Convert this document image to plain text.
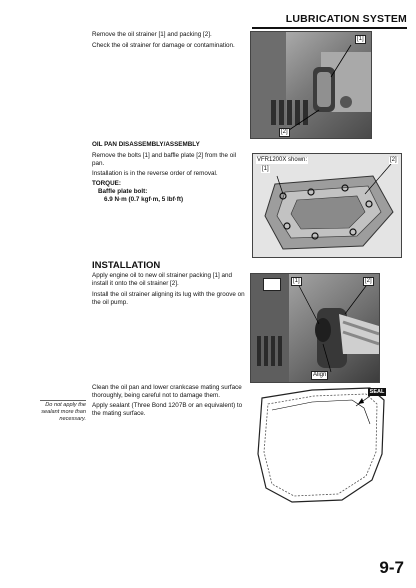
LUBRICATION SYSTEM
Remove the oil strainer [1] and packing [2].
Check the oil strainer for damage or contamination.
[1]
[2]
OIL PAN DISASSEMBLY/ASSEMBLY
Remove the bolts [1] and baffle plate [2] from the oil pan.
Installation is in the reverse order of removal.
TORQUE:
Baffle plate bolt:
6.9 N·m (0.7 kgf·m, 5 lbf·ft)
VFR1200X shown:
[1]
[2]
INSTALLATION
Apply engine oil to new oil strainer packing [1] and install it onto the oil strainer [2].
Install the oil strainer aligning its lug with the groove on the oil pump.
[1]	[2]
Align
Clean the oil pan and lower crankcase mating surface thoroughly, being careful not to damage them.
Do not apply the sealant more than necessary.
Apply sealant (Three Bond 1207B or an equivalent) to the mating surface.
SEAL
9-7
